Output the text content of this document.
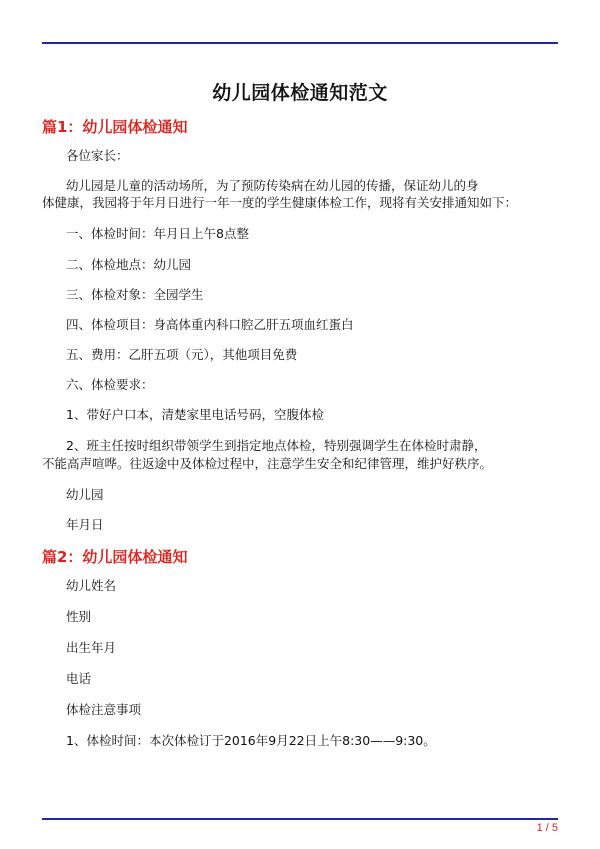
幼儿园体检通知范文
篇1：幼儿园体检通知
各位家长：
幼儿园是儿童的活动场所，为了预防传染病在幼儿园的传播，保证幼儿的身
体健康，我园将于年月日进行一年一度的学生健康体检工作，现将有关安排通知如下：
一、体检时间：年月日上午8点整
二、体检地点：幼儿园
三、体检对象：全园学生
四、体检项目：身高体重内科口腔乙肝五项血红蛋白
五、费用：乙肝五项（元），其他项目免费
六、体检要求：
1、带好户口本，清楚家里电话号码，空腹体检
2、班主任按时组织带领学生到指定地点体检，特别强调学生在体检时肃静，
不能高声喧哗。往返途中及体检过程中，注意学生安全和纪律管理，维护好秩序。
幼儿园
年月日
篇2：幼儿园体检通知
幼儿姓名
性别
出生年月
电话
体检注意事项
1、体检时间：本次体检订于2016年9月22日上午8:30——9:30。
1 / 5
